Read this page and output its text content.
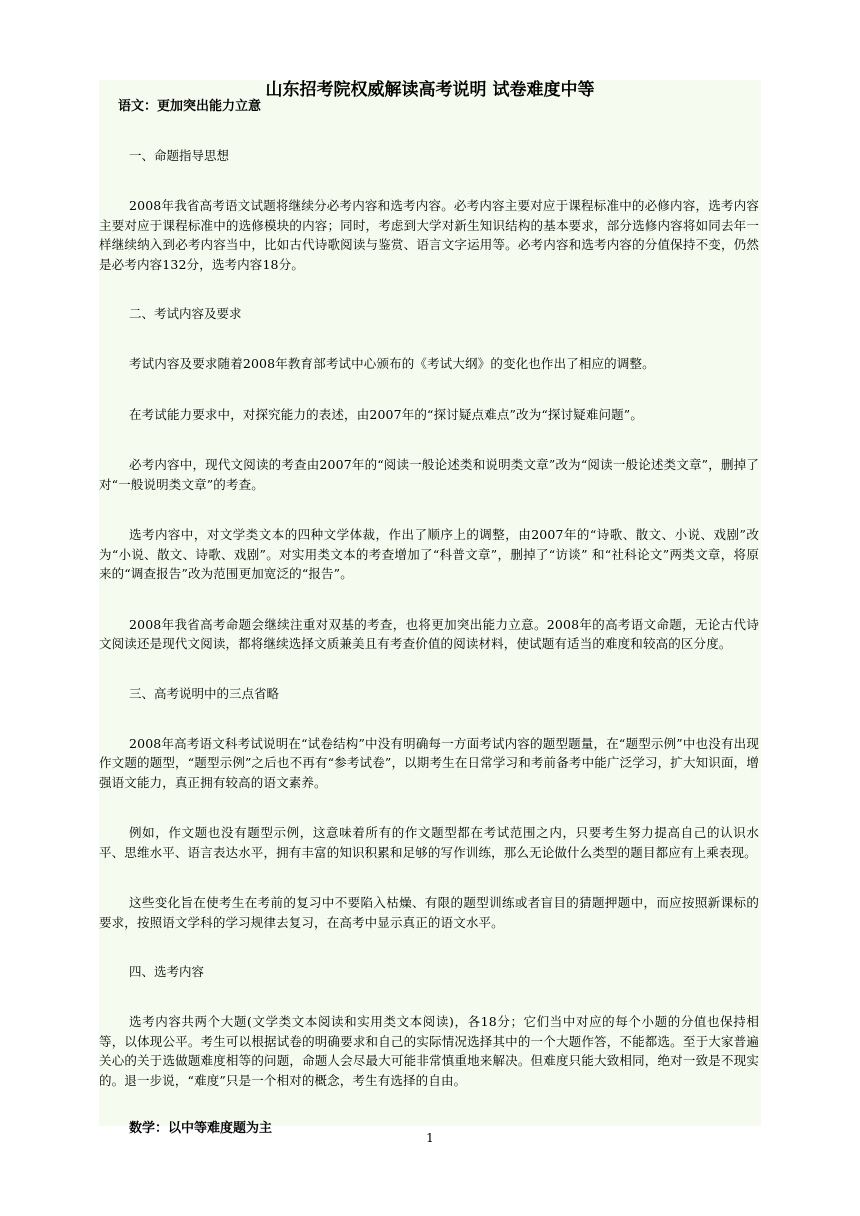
山东招考院权威解读高考说明 试卷难度中等
语文：更加突出能力立意
一、命题指导思想

2008年我省高考语文试题将继续分必考内容和选考内容。必考内容主要对应于课程标准中的必修内容，选考内容主要对应于课程标准中的选修模块的内容；同时，考虑到大学对新生知识结构的基本要求，部分选修内容将如同去年一样继续纳入到必考内容当中，比如古代诗歌阅读与鉴赏、语言文字运用等。必考内容和选考内容的分值保持不变，仍然是必考内容132分，选考内容18分。

二、考试内容及要求

考试内容及要求随着2008年教育部考试中心颁布的《考试大纲》的变化也作出了相应的调整。

在考试能力要求中，对探究能力的表述，由2007年的“探讨疑点难点”改为“探讨疑难问题”。

必考内容中，现代文阅读的考查由2007年的“阅读一般论述类和说明类文章”改为“阅读一般论述类文章”，删掉了对“一般说明类文章”的考查。

选考内容中，对文学类文本的四种文学体裁，作出了顺序上的调整，由2007年的“诗歌、散文、小说、戏剧”改为“小说、散文、诗歌、戏剧”。对实用类文本的考查增加了“科普文章”，删掉了“访谈” 和“社科论文”两类文章，将原来的“调查报告”改为范围更加宽泛的“报告”。

2008年我省高考命题会继续注重对双基的考查，也将更加突出能力立意。2008年的高考语文命题，无论古代诗文阅读还是现代文阅读，都将继续选择文质兼美且有考查价值的阅读材料，使试题有适当的难度和较高的区分度。

三、高考说明中的三点省略

2008年高考语文科考试说明在“试卷结构”中没有明确每一方面考试内容的题型题量，在“题型示例”中也没有出现作文题的题型，“题型示例”之后也不再有“参考试卷”，以期考生在日常学习和考前备考中能广泛学习，扩大知识面，增强语文能力，真正拥有较高的语文素养。

例如，作文题也没有题型示例，这意味着所有的作文题型都在考试范围之内，只要考生努力提高自己的认识水平、思维水平、语言表达水平，拥有丰富的知识积累和足够的写作训练，那么无论做什么类型的题目都应有上乘表现。

这些变化旨在使考生在考前的复习中不要陷入枯燥、有限的题型训练或者盲目的猜题押题中，而应按照新课标的要求，按照语文学科的学习规律去复习，在高考中显示真正的语文水平。

四、选考内容

选考内容共两个大题(文学类文本阅读和实用类文本阅读)，各18分；它们当中对应的每个小题的分值也保持相等，以体现公平。考生可以根据试卷的明确要求和自己的实际情况选择其中的一个大题作答，不能都选。至于大家普遍关心的关于选做题难度相等的问题，命题人会尽最大可能非常慎重地来解决。但难度只能大致相同，绝对一致是不现实的。退一步说，“难度”只是一个相对的概念，考生有选择的自由。

数学：以中等难度题为主
1
